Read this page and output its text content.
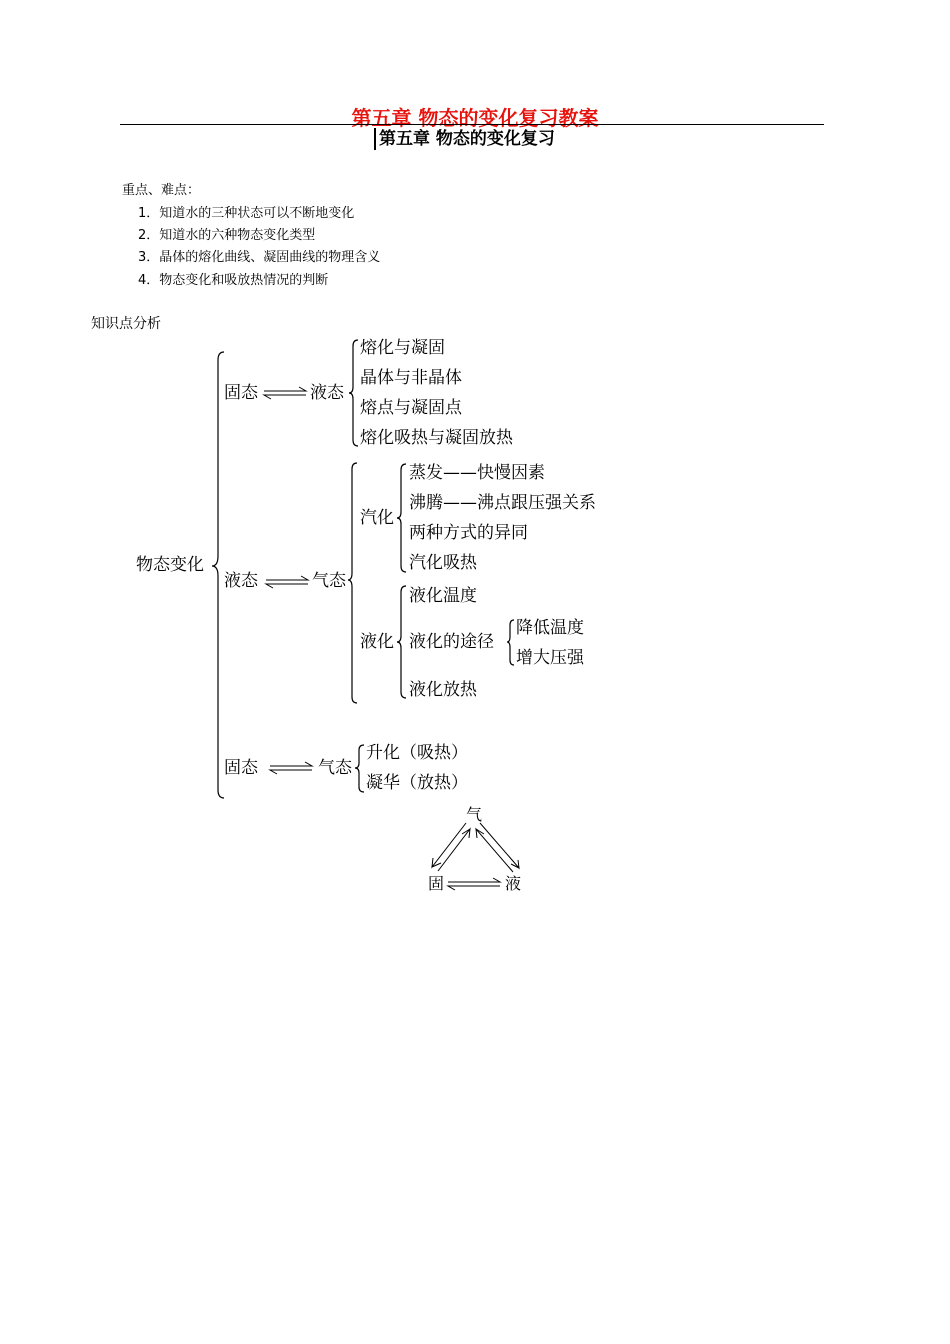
第五章 物态的变化复习教案
第五章 物态的变化复习
重点、难点：
1．知道水的三种状态可以不断地变化
2．知道水的六种物态变化类型
3．晶体的熔化曲线、凝固曲线的物理含义
4．物态变化和吸放热情况的判断
知识点分析
物态变化
固态	液态
熔化与凝固
晶体与非晶体
熔点与凝固点
熔化吸热与凝固放热
液态	气态
汽化
蒸发——快慢因素
沸腾——沸点跟压强关系
两种方式的异同
汽化吸热
液化
液化温度
液化的途径
降低温度
增大压强
液化放热
固态	气态
升化（吸热）
凝华（放热）
气
固	液
